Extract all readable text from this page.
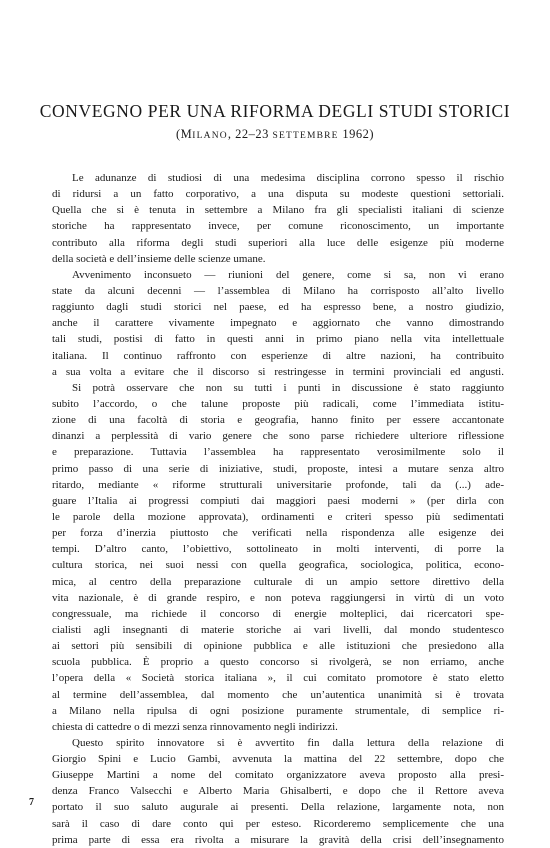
CONVEGNO PER UNA RIFORMA DEGLI STUDI STORICI
(MILANO, 22–23 SETTEMBRE 1962)
Le adunanze di studiosi di una medesima disciplina corrono spesso il rischio
di ridursi a un fatto corporativo, a una disputa su modeste questioni settoriali.
Quella che si è tenuta in settembre a Milano fra gli specialisti italiani di scienze
storiche ha rappresentato invece, per comune riconoscimento, un importante
contributo alla riforma degli studi superiori alla luce delle esigenze più moderne
della società e dell’insieme delle scienze umane.
Avvenimento inconsueto — riunioni del genere, come si sa, non vi erano
state da alcuni decenni — l’assemblea di Milano ha corrisposto all’alto livello
raggiunto dagli studi storici nel paese, ed ha espresso bene, a nostro giudizio,
anche il carattere vivamente impegnato e aggiornato che vanno dimostrando
tali studi, postisi di fatto in questi anni in primo piano nella vita intellettuale
italiana. Il continuo raffronto con esperienze di altre nazioni, ha contribuito
a sua volta a evitare che il discorso si restringesse in termini provinciali ed angusti.
Si potrà osservare che non su tutti i punti in discussione è stato raggiunto
subito l’accordo, o che talune proposte più radicali, come l’immediata istitu-
zione di una facoltà di storia e geografia, hanno finito per essere accantonate
dinanzi a perplessità di vario genere che sono parse richiedere ulteriore riflessione
e preparazione. Tuttavia l’assemblea ha rappresentato verosimilmente solo il
primo passo di una serie di iniziative, studi, proposte, intesi a mutare senza altro
ritardo, mediante « riforme strutturali universitarie profonde, tali da (...) ade-
guare l’Italia ai progressi compiuti dai maggiori paesi moderni » (per dirla con
le parole della mozione approvata), ordinamenti e criteri spesso più sedimentati
per forza d’inerzia piuttosto che verificati nella rispondenza alle esigenze dei
tempi. D’altro canto, l’obiettivo, sottolineato in molti interventi, di porre la
cultura storica, nei suoi nessi con quella geografica, sociologica, politica, econo-
mica, al centro della preparazione culturale di un ampio settore direttivo della
vita nazionale, è di grande respiro, e non poteva raggiungersi in virtù di un voto
congressuale, ma richiede il concorso di energie molteplici, dai ricercatori spe-
cialisti agli insegnanti di materie storiche ai vari livelli, dal mondo studentesco
ai settori più sensibili di opinione pubblica e alle istituzioni che presiedono alla
scuola pubblica. È proprio a questo concorso si rivolgerà, se non erriamo, anche
l’opera della « Società storica italiana », il cui comitato promotore è stato eletto
al termine dell’assemblea, dal momento che un’autentica unanimità si è trovata
a Milano nella ripulsa di ogni posizione puramente strumentale, di semplice ri-
chiesta di cattedre o di mezzi senza rinnovamento negli indirizzi.
Questo spirito innovatore si è avvertito fin dalla lettura della relazione di
Giorgio Spini e Lucio Gambi, avvenuta la mattina del 22 settembre, dopo che
Giuseppe Martini a nome del comitato organizzatore aveva proposto alla presi-
denza Franco Valsecchi e Alberto Maria Ghisalberti, e dopo che il Rettore aveva
portato il suo saluto augurale ai presenti. Della relazione, largamente nota, non
sarà il caso di dare conto qui per esteso. Ricorderemo semplicemente che una
prima parte di essa era rivolta a misurare la gravità della crisi dell’insegnamento
7
